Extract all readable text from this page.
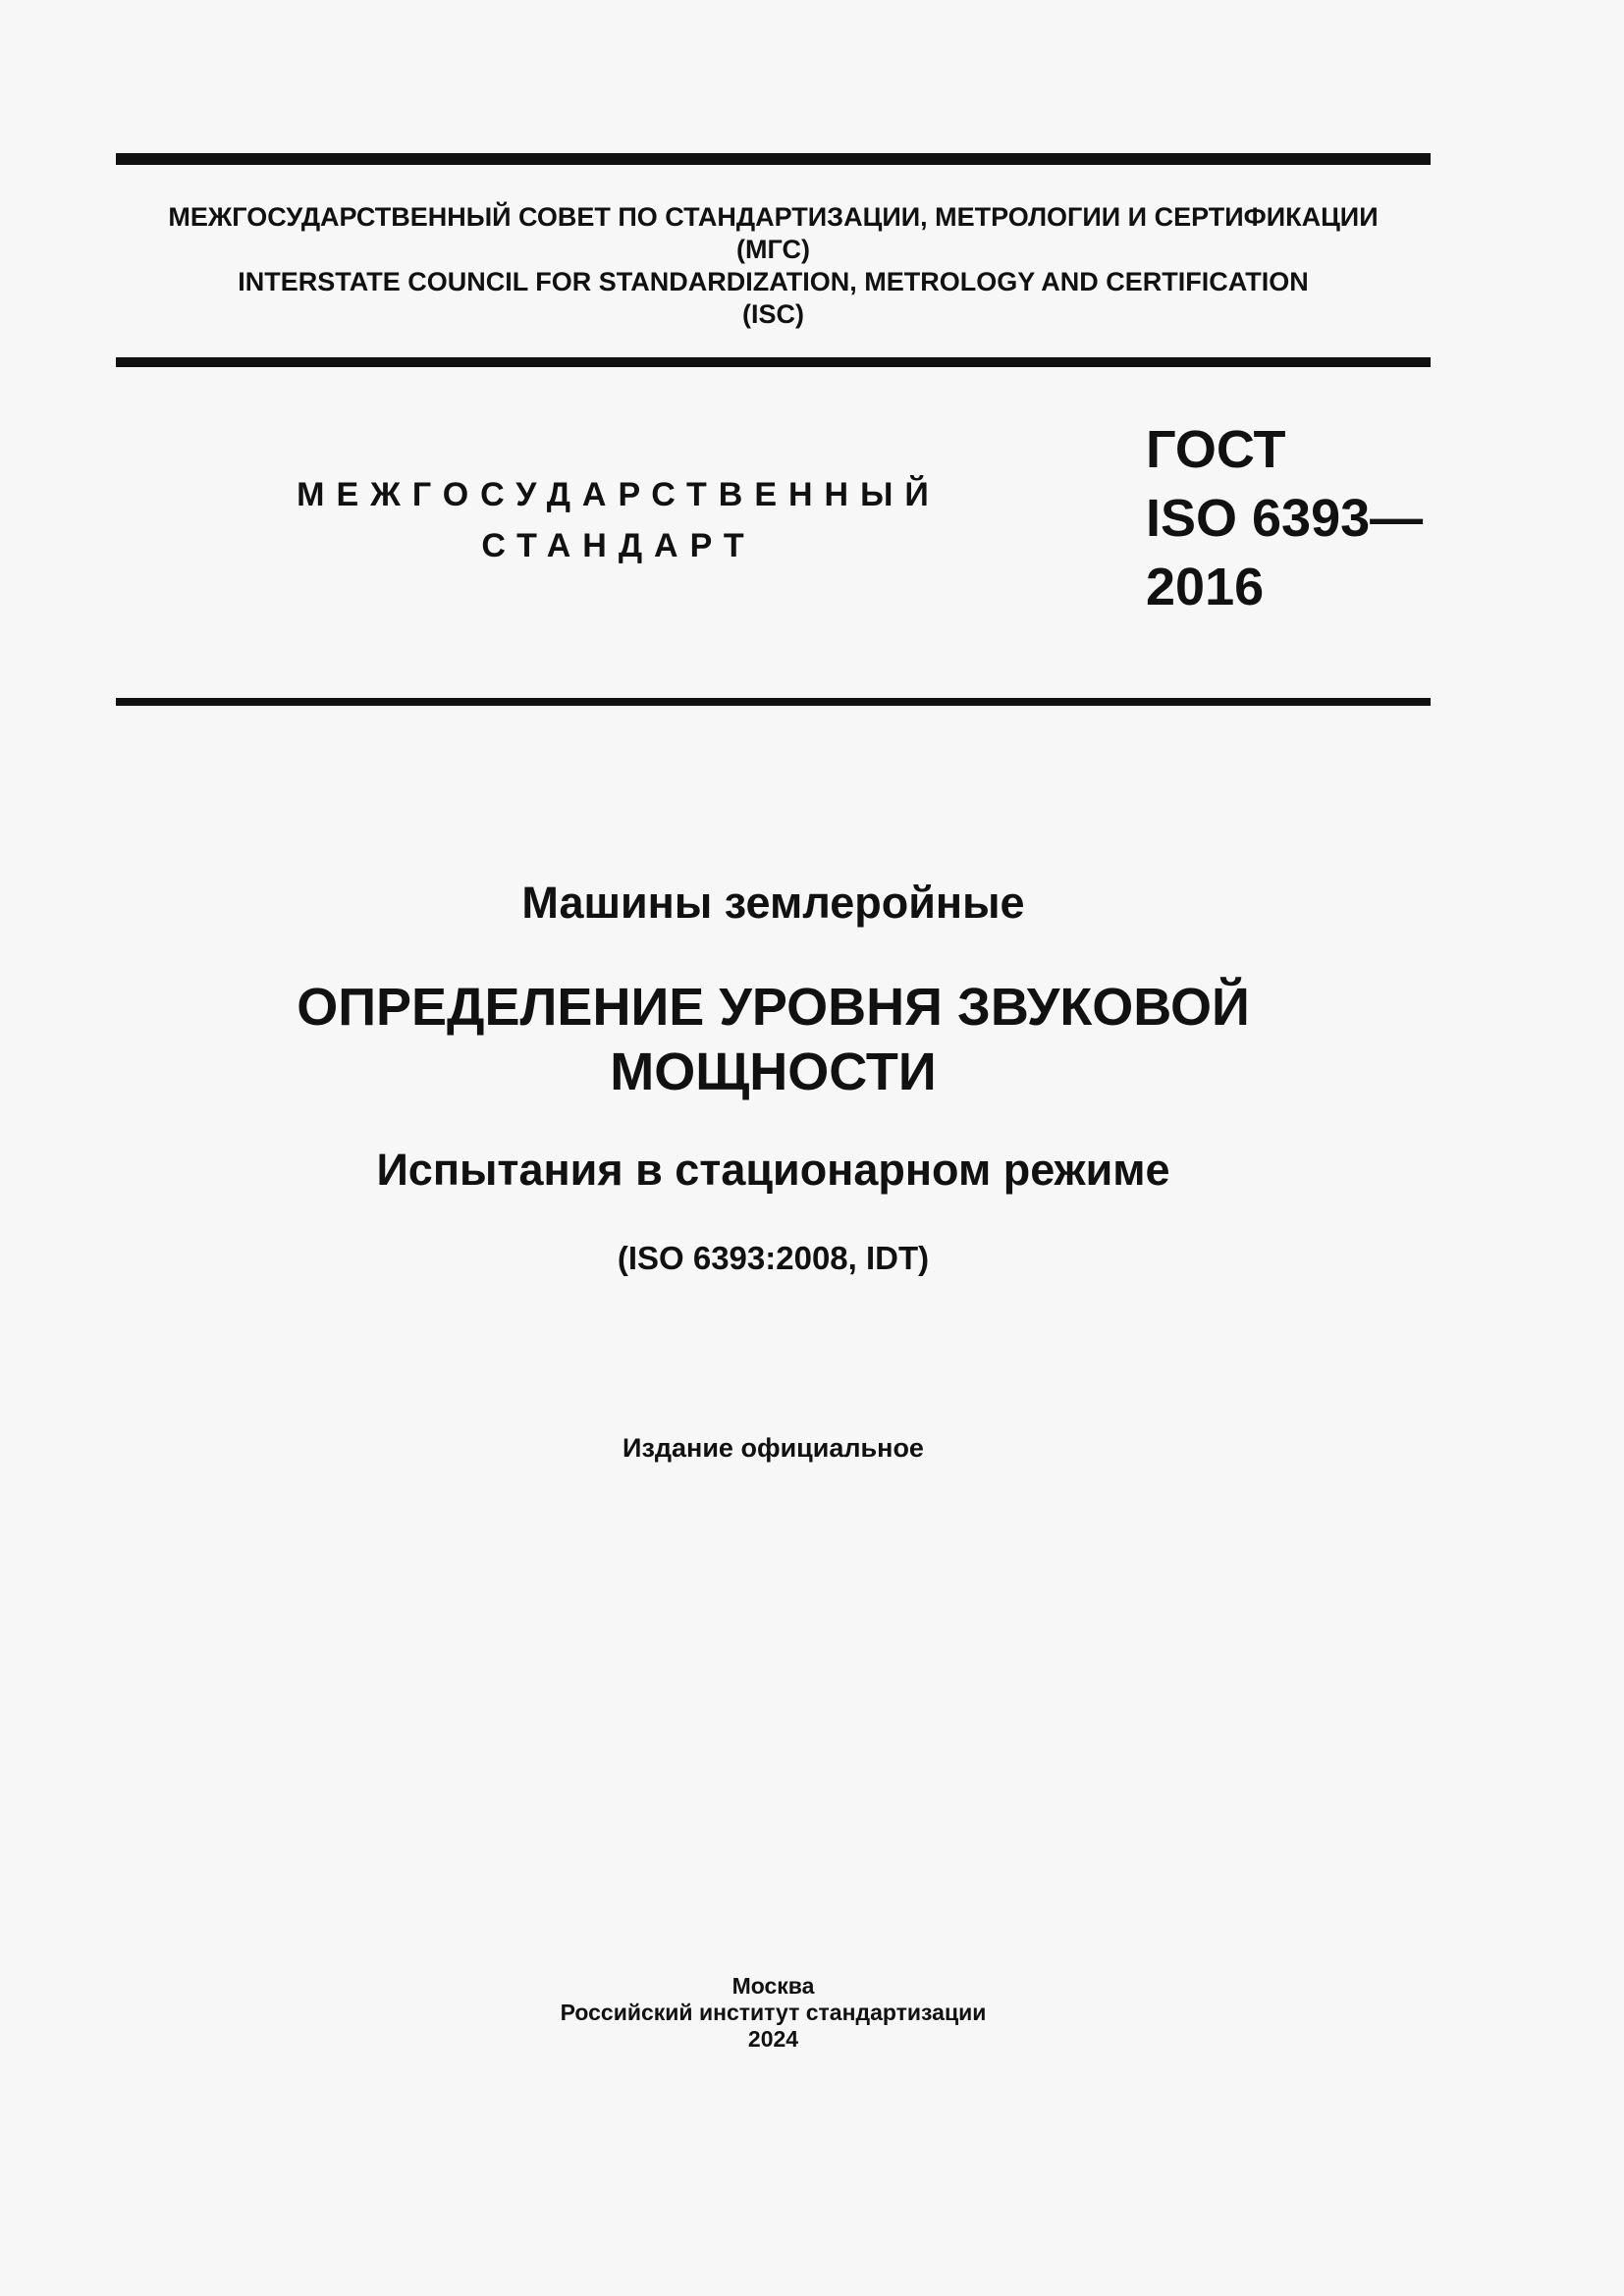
МЕЖГОСУДАРСТВЕННЫЙ СОВЕТ ПО СТАНДАРТИЗАЦИИ, МЕТРОЛОГИИ И СЕРТИФИКАЦИИ
(МГС)
INTERSTATE COUNCIL FOR STANDARDIZATION, METROLOGY AND CERTIFICATION
(ISC)
МЕЖГОСУДАРСТВЕННЫЙ
СТАНДАРТ
ГОСТ
ISO 6393—
2016
Машины землеройные
ОПРЕДЕЛЕНИЕ УРОВНЯ ЗВУКОВОЙ
МОЩНОСТИ
Испытания в стационарном режиме
(ISO 6393:2008, IDT)
Издание официальное
Москва
Российский институт стандартизации
2024
